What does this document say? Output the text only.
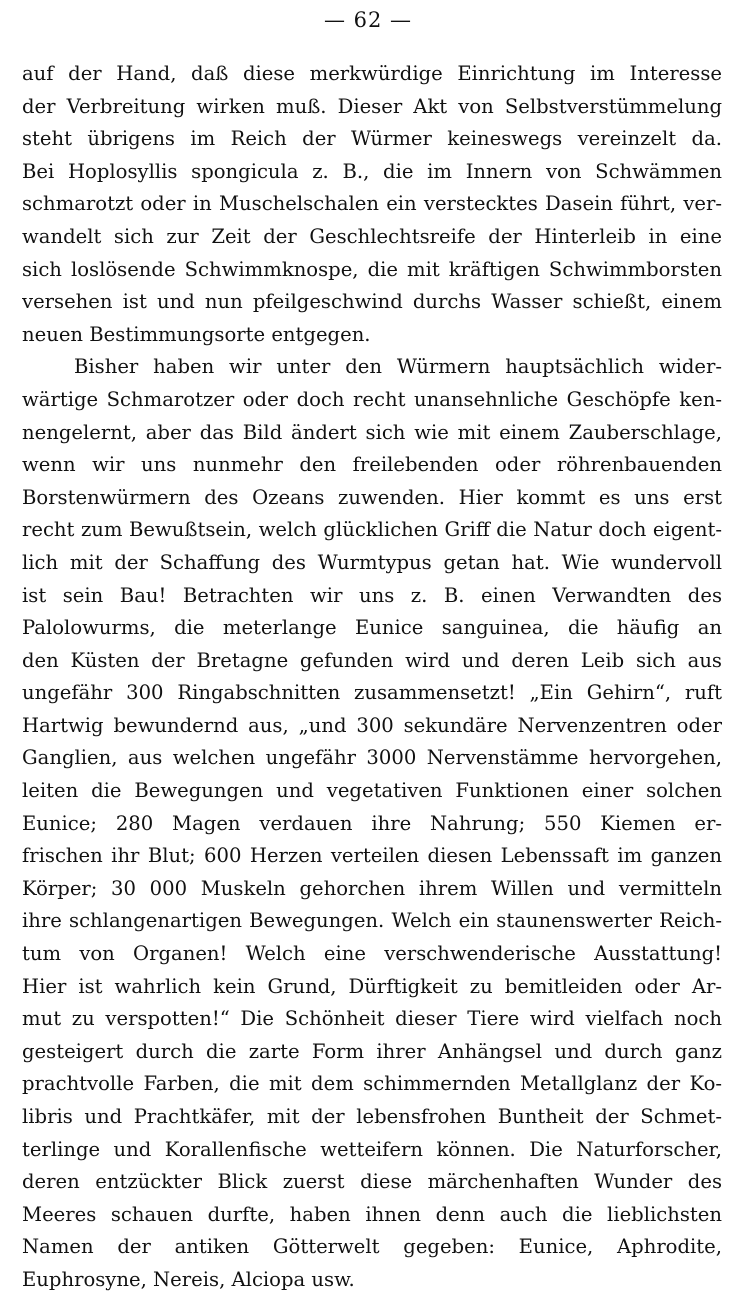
— 62 —
auf der Hand, daß diese merkwürdige Einrichtung im Interesse
der Verbreitung wirken muß. Dieser Akt von Selbstverstümmelung
steht übrigens im Reich der Würmer keineswegs vereinzelt da.
Bei Hoplosyllis spongicula z. B., die im Innern von Schwämmen
schmarotzt oder in Muschelschalen ein verstecktes Dasein führt, ver-
wandelt sich zur Zeit der Geschlechtsreife der Hinterleib in eine
sich loslösende Schwimmknospe, die mit kräftigen Schwimmborsten
versehen ist und nun pfeilgeschwind durchs Wasser schießt, einem
neuen Bestimmungsorte entgegen.
Bisher haben wir unter den Würmern hauptsächlich wider-
wärtige Schmarotzer oder doch recht unansehnliche Geschöpfe ken-
nengelernt, aber das Bild ändert sich wie mit einem Zauberschlage,
wenn wir uns nunmehr den freilebenden oder röhrenbauenden
Borstenwürmern des Ozeans zuwenden. Hier kommt es uns erst
recht zum Bewußtsein, welch glücklichen Griff die Natur doch eigent-
lich mit der Schaffung des Wurmtypus getan hat. Wie wundervoll
ist sein Bau! Betrachten wir uns z. B. einen Verwandten des
Palolowurms, die meterlange Eunice sanguinea, die häufig an
den Küsten der Bretagne gefunden wird und deren Leib sich aus
ungefähr 300 Ringabschnitten zusammensetzt! „Ein Gehirn“, ruft
Hartwig bewundernd aus, „und 300 sekundäre Nervenzentren oder
Ganglien, aus welchen ungefähr 3000 Nervenstämme hervorgehen,
leiten die Bewegungen und vegetativen Funktionen einer solchen
Eunice; 280 Magen verdauen ihre Nahrung; 550 Kiemen er-
frischen ihr Blut; 600 Herzen verteilen diesen Lebenssaft im ganzen
Körper; 30 000 Muskeln gehorchen ihrem Willen und vermitteln
ihre schlangenartigen Bewegungen. Welch ein staunenswerter Reich-
tum von Organen! Welch eine verschwenderische Ausstattung!
Hier ist wahrlich kein Grund, Dürftigkeit zu bemitleiden oder Ar-
mut zu verspotten!“ Die Schönheit dieser Tiere wird vielfach noch
gesteigert durch die zarte Form ihrer Anhängsel und durch ganz
prachtvolle Farben, die mit dem schimmernden Metallglanz der Ko-
libris und Prachtkäfer, mit der lebensfrohen Buntheit der Schmet-
terlinge und Korallenfische wetteifern können. Die Naturforscher,
deren entzückter Blick zuerst diese märchenhaften Wunder des
Meeres schauen durfte, haben ihnen denn auch die lieblichsten
Namen der antiken Götterwelt gegeben: Eunice, Aphrodite,
Euphrosyne, Nereis, Alciopa usw.
